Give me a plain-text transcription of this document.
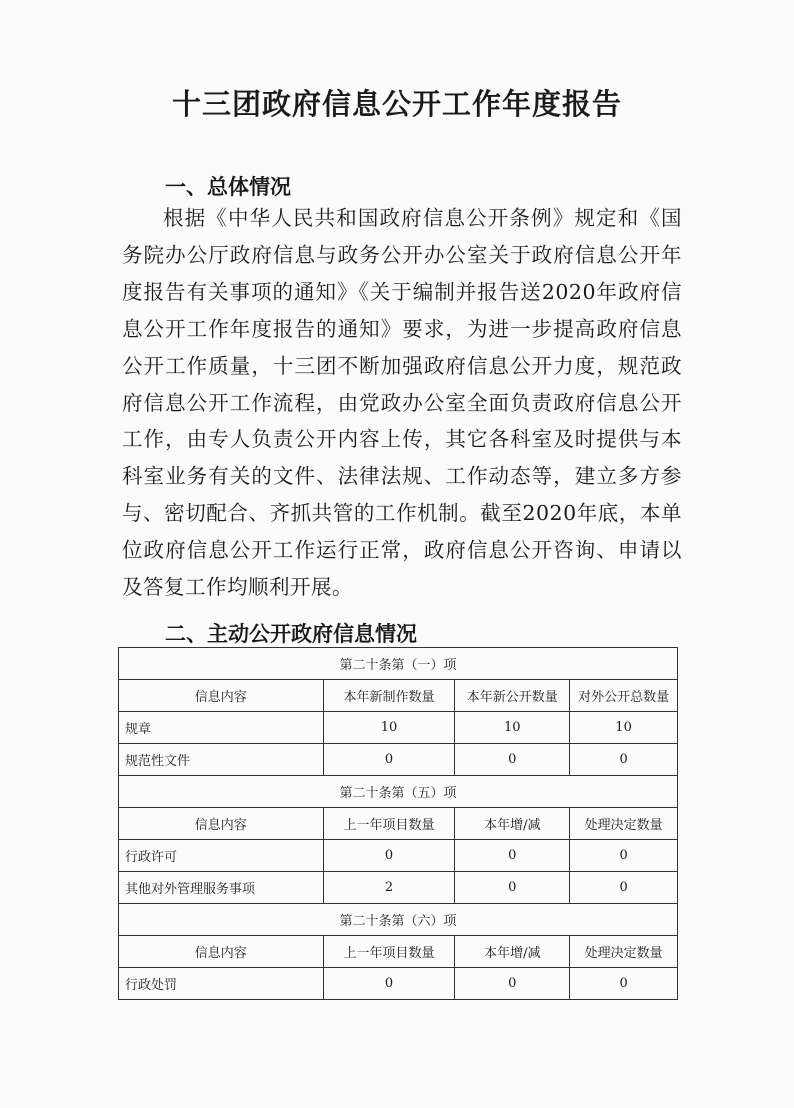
十三团政府信息公开工作年度报告
一、总体情况
根据《中华人民共和国政府信息公开条例》规定和《国务院办公厅政府信息与政务公开办公室关于政府信息公开年度报告有关事项的通知》《关于编制并报告送2020年政府信息公开工作年度报告的通知》要求，为进一步提高政府信息公开工作质量，十三团不断加强政府信息公开力度，规范政府信息公开工作流程，由党政办公室全面负责政府信息公开工作，由专人负责公开内容上传，其它各科室及时提供与本科室业务有关的文件、法律法规、工作动态等，建立多方参与、密切配合、齐抓共管的工作机制。截至2020年底，本单位政府信息公开工作运行正常，政府信息公开咨询、申请以及答复工作均顺利开展。
二、主动公开政府信息情况
第二十条第（一）项			
信息内容	本年新制作数量	本年新公开数量	对外公开总数量
规章	10	10	10
规范性文件	0	0	0
第二十条第（五）项			
信息内容	上一年项目数量	本年增/减	处理决定数量
行政许可	0	0	0
其他对外管理服务事项	2	0	0
第二十条第（六）项			
信息内容	上一年项目数量	本年增/减	处理决定数量
行政处罚	0	0	0
